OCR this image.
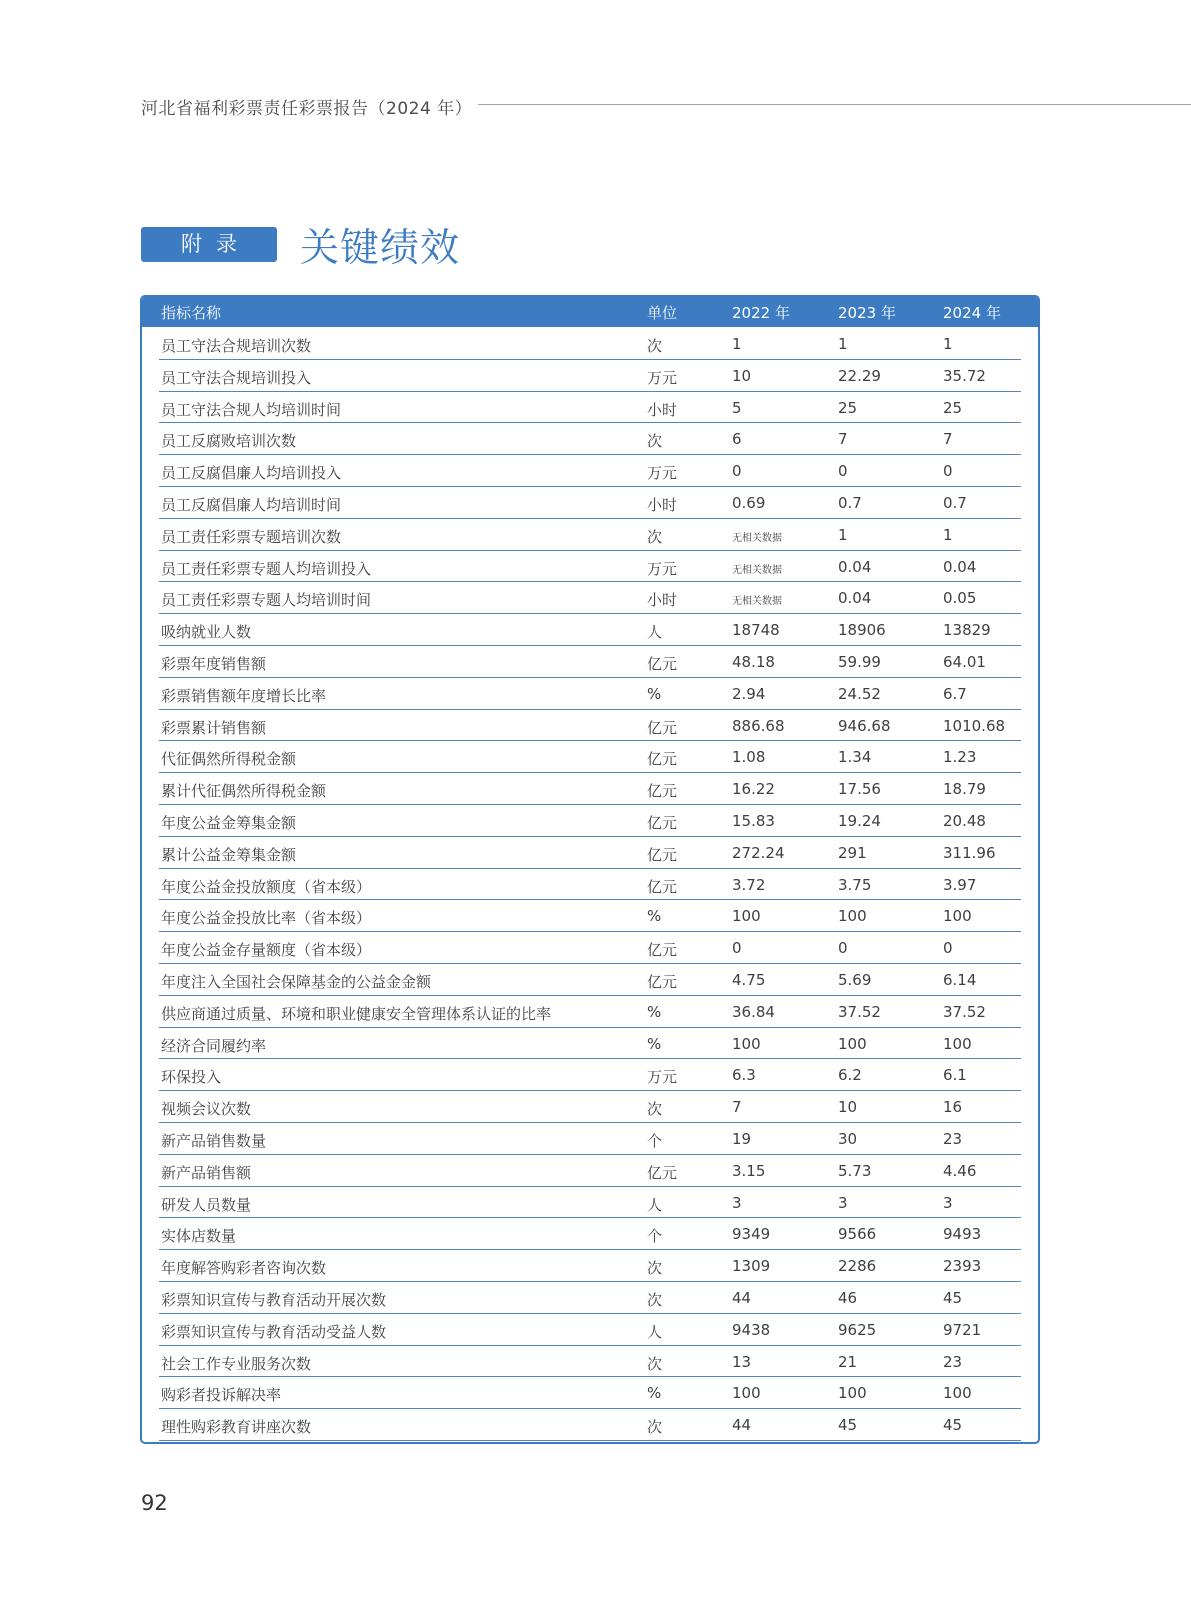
河北省福利彩票责任彩票报告（2024 年）
附录	关键绩效
指标名称	单位	2022 年	2023 年	2024 年
员工守法合规培训次数	次	1	1	1
员工守法合规培训投入	万元	10	22.29	35.72
员工守法合规人均培训时间	小时	5	25	25
员工反腐败培训次数	次	6	7	7
员工反腐倡廉人均培训投入	万元	0	0	0
员工反腐倡廉人均培训时间	小时	0.69	0.7	0.7
员工责任彩票专题培训次数	次	无相关数据	1	1
员工责任彩票专题人均培训投入	万元	无相关数据	0.04	0.04
员工责任彩票专题人均培训时间	小时	无相关数据	0.04	0.05
吸纳就业人数	人	18748	18906	13829
彩票年度销售额	亿元	48.18	59.99	64.01
彩票销售额年度增长比率	%	2.94	24.52	6.7
彩票累计销售额	亿元	886.68	946.68	1010.68
代征偶然所得税金额	亿元	1.08	1.34	1.23
累计代征偶然所得税金额	亿元	16.22	17.56	18.79
年度公益金筹集金额	亿元	15.83	19.24	20.48
累计公益金筹集金额	亿元	272.24	291	311.96
年度公益金投放额度（省本级）	亿元	3.72	3.75	3.97
年度公益金投放比率（省本级）	%	100	100	100
年度公益金存量额度（省本级）	亿元	0	0	0
年度注入全国社会保障基金的公益金金额	亿元	4.75	5.69	6.14
供应商通过质量、环境和职业健康安全管理体系认证的比率	%	36.84	37.52	37.52
经济合同履约率	%	100	100	100
环保投入	万元	6.3	6.2	6.1
视频会议次数	次	7	10	16
新产品销售数量	个	19	30	23
新产品销售额	亿元	3.15	5.73	4.46
研发人员数量	人	3	3	3
实体店数量	个	9349	9566	9493
年度解答购彩者咨询次数	次	1309	2286	2393
彩票知识宣传与教育活动开展次数	次	44	46	45
彩票知识宣传与教育活动受益人数	人	9438	9625	9721
社会工作专业服务次数	次	13	21	23
购彩者投诉解决率	%	100	100	100
理性购彩教育讲座次数	次	44	45	45
92
